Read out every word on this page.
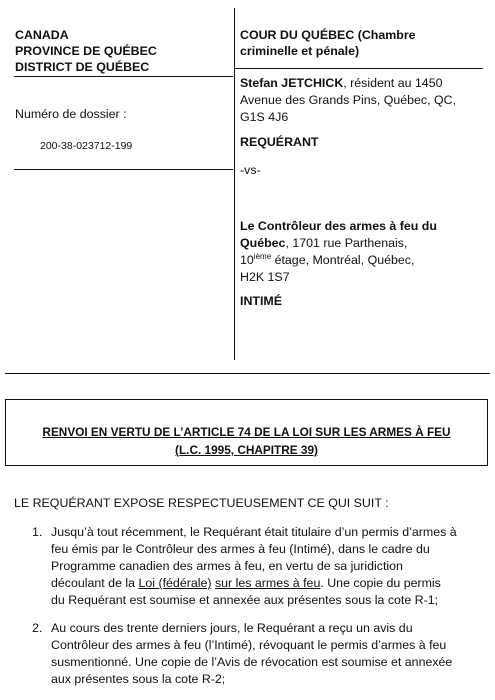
CANADA
PROVINCE DE QUÉBEC
DISTRICT DE QUÉBEC
Numéro de dossier :
200-38-023712-199
COUR DU QUÉBEC (Chambre
criminelle et pénale)
Stefan JETCHICK, résident au 1450
Avenue des Grands Pins, Québec, QC,
G1S 4J6
REQUÉRANT
-vs-
Le Contrôleur des armes à feu du
Québec, 1701 rue Parthenais,
10ième étage, Montréal, Québec,
H2K 1S7
INTIMÉ
RENVOI EN VERTU DE L’ARTICLE 74 DE LA LOI SUR LES ARMES À FEU
(L.C. 1995, CHAPITRE 39)
LE REQUÉRANT EXPOSE RESPECTUEUSEMENT CE QUI SUIT :
1. Jusqu’à tout récemment, le Requérant était titulaire d’un permis d’armes à
feu émis par le Contrôleur des armes à feu (Intimé), dans le cadre du
Programme canadien des armes à feu, en vertu de sa juridiction
découlant de la Loi (fédérale) sur les armes à feu. Une copie du permis
du Requérant est soumise et annexée aux présentes sous la cote R-1;
2. Au cours des trente derniers jours, le Requérant a reçu un avis du
Contrôleur des armes à feu (l’Intimé), révoquant le permis d’armes à feu
susmentionné. Une copie de l’Avis de révocation est soumise et annexée
aux présentes sous la cote R-2;
